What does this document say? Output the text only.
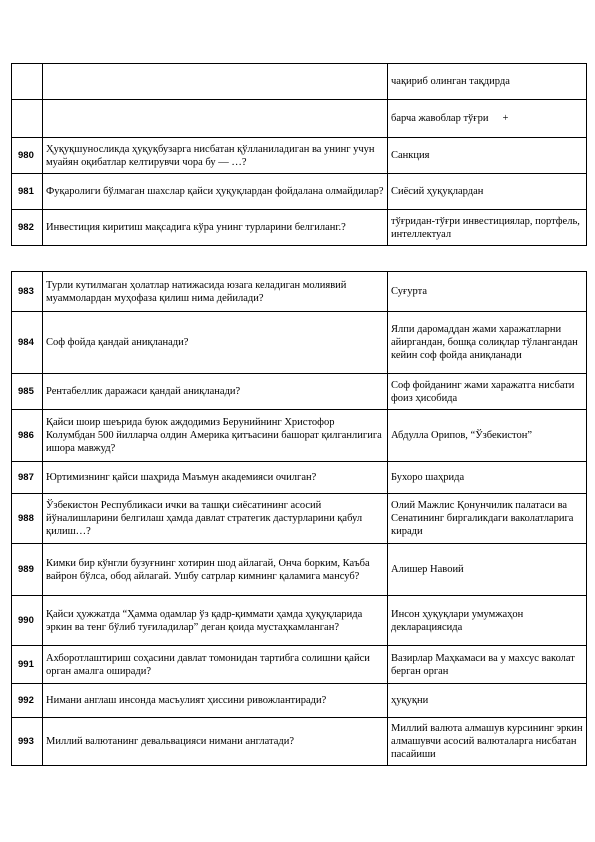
		чақириб олинган тақдирда
		барча жавоблар тўғри +
980	Ҳуқуқшуносликда ҳуқуқбузарга нисбатан қўлланиладиган ва унинг учун муайян оқибатлар келтирувчи чора бу — …?	Санкция
981	Фуқаролиги бўлмаган шахслар қайси ҳуқуқлардан фойдалана олмайдилар?	Сиёсий ҳуқуқлардан
982	Инвестиция киритиш мақсадига кўра унинг турларини белгиланг.?	тўғридан-тўғри инвестициялар, портфель, интеллектуал
983	Турли кутилмаган ҳолатлар натижасида юзага келадиган молиявий муаммолардан муҳофаза қилиш нима дейилади?	Суғурта
984	Соф фойда қандай аниқланади?	Ялпи даромаддан жами харажатларни айиргандан, бошқа солиқлар тўлангандан кейин соф фойда аниқланади
985	Рентабеллик даражаси қандай аниқланади?	Соф фойданинг жами харажатга нисбати фоиз ҳисобида
986	Қайси шоир шеърида буюк аждодимиз Берунийнинг Христофор Колумбдан 500 йилларча олдин Америка қитъасини башорат қилганлигига ишора мавжуд?	Абдулла Орипов, “Ўзбекистон”
987	Юртимизнинг қайси шаҳрида Маъмун академияси очилган?	Бухоро шаҳрида
988	Ўзбекистон Республикаси ички ва ташқи сиёсатининг асосий йўналишларини белгилаш ҳамда давлат стратегик дастурларини қабул қилиш…?	Олий Мажлис Қонунчилик палатаси ва Сенатининг биргаликдаги ваколатларига киради
989	Кимки бир кўнгли бузуғнинг хотирин шод айлагай, Онча борким, Каъба вайрон бўлса, обод айлагай. Ушбу сатрлар кимнинг қаламига мансуб?	Алишер Навоий
990	Қайси ҳужжатда “Ҳамма одамлар ўз қадр-қиммати ҳамда ҳуқуқларида эркин ва тенг бўлиб туғиладилар” деган қоида мустаҳкамланган?	Инсон ҳуқуқлари умумжаҳон декларациясида
991	Ахборотлаштириш соҳасини давлат томонидан тартибга солишни қайси орган амалга оширади?	Вазирлар Маҳкамаси ва у махсус ваколат берган орган
992	Нимани англаш инсонда масъулият ҳиссини ривожлантиради?	ҳуқуқни
993	Миллий валютанинг девальвацияси нимани англатади?	Миллий валюта алмашув курсининг эркин алмашувчи асосий валюталарга нисбатан пасайиши
